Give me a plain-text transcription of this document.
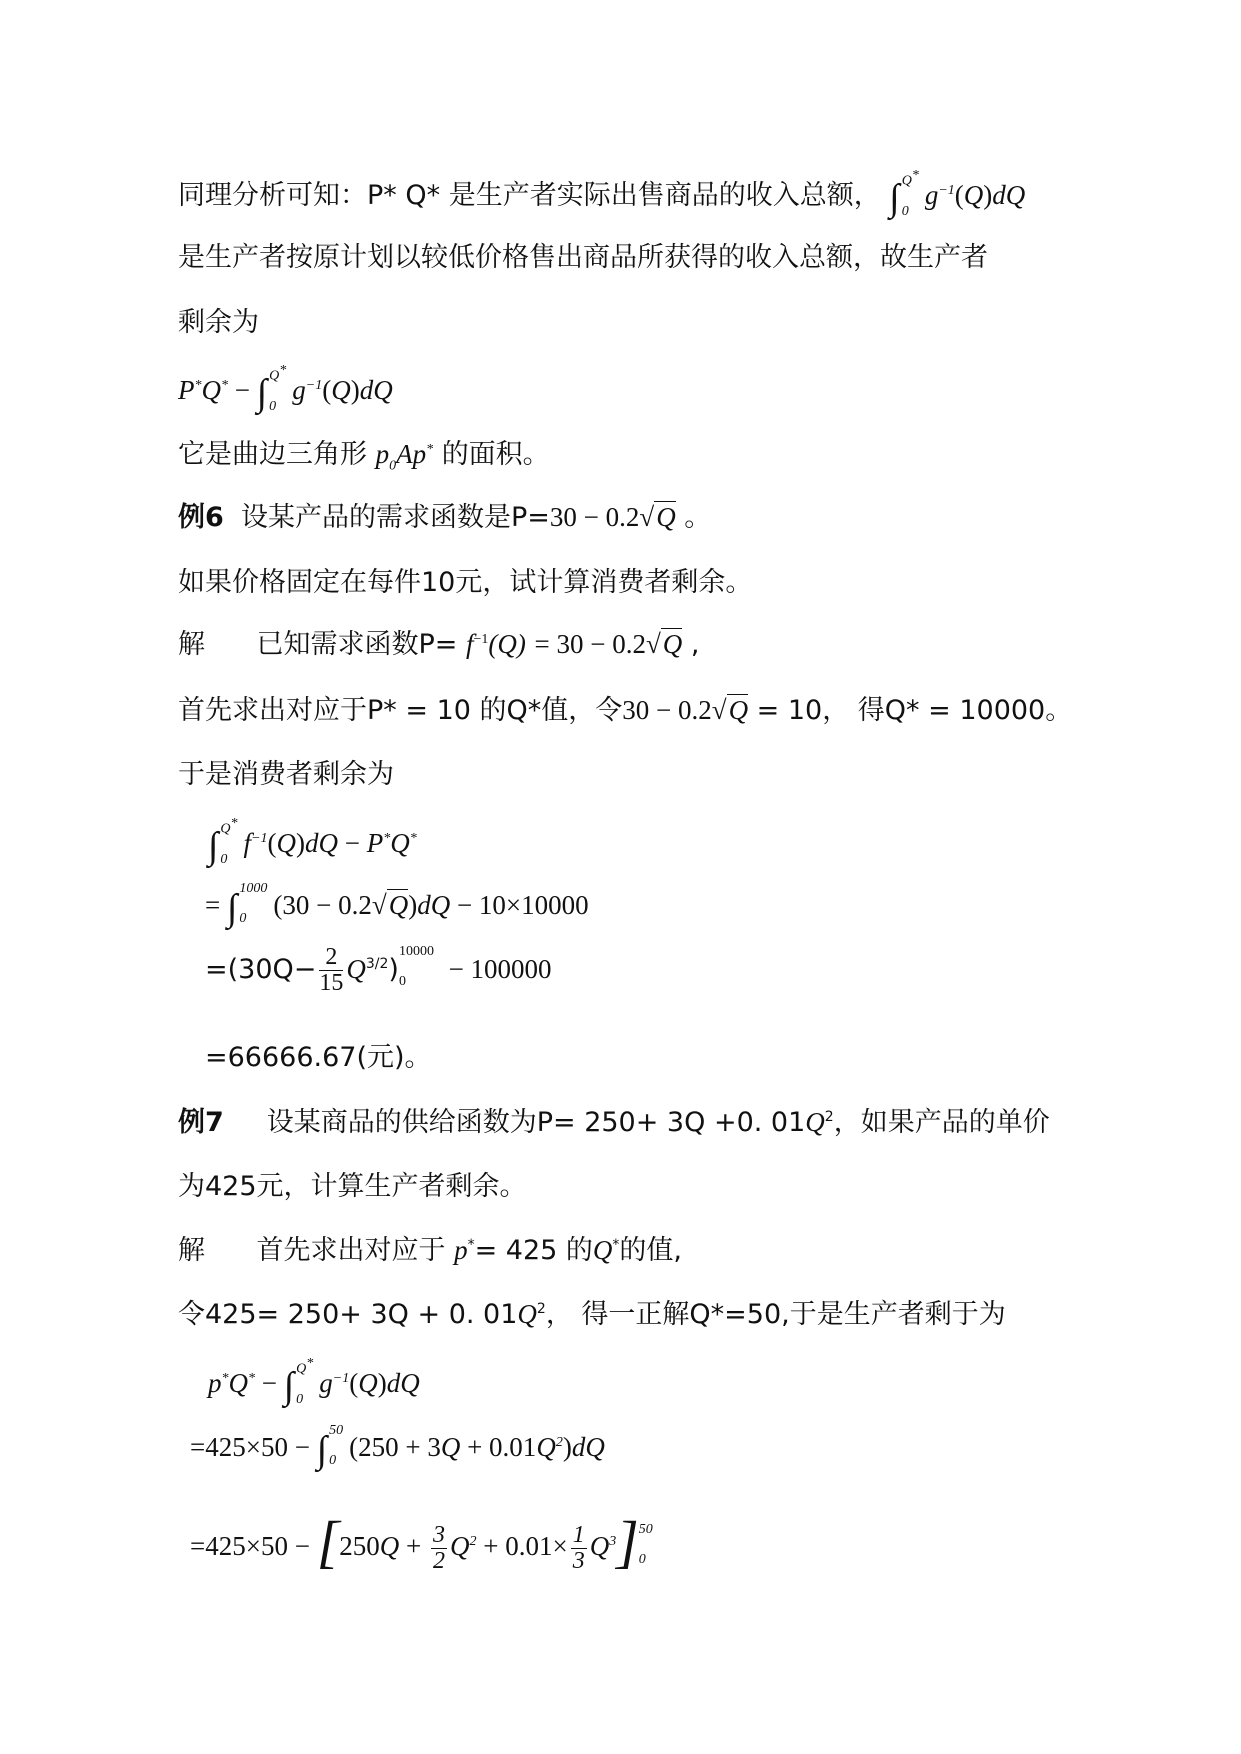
同理分析可知：P* Q* 是生产者实际出售商品的收入总额， ∫ Q*
0
$g^{-1}(Q)dQ$
是生产者按原计划以较低价格售出商品所获得的收入总额，故生产者
剩余为
P*Q* − ∫ Q*
0
$g^{-1}(Q)dQ$
它是曲边三角形 $p_0Ap^*$ 的面积。
例6 设某产品的需求函数是P=30 − 0.2√Q 。
如果价格固定在每件10元，试计算消费者剩余。
解      已知需求函数$P= f^{-1}(Q) = 30 - 0.2√Q$ ,
首先求出对应于P* = 10 的Q*值，令30 − 0.2√Q = 10， 得Q* = 10000。
于是消费者剩余为
∫ Q*
0
$f^{-1}(Q)dQ - P^*Q^*$
= ∫ 1000
0	(30 − 0.2√Q)dQ − 10×10000
$=(30Q- \frac{2}{15} Q^{3/2})$
10000
0	− 100000
=66666.67(元)。
例7     设某商品的供给函数为P= 250+ 3Q +0. $01Q^2$，如果产品的单价
为425元，计算生产者剩余。
解      首先求出对应于 p*= 425 的Q*的值,
令425= 250+ 3Q + 0. $01Q^2$， 得一正解Q*=50,于是生产者剩于为
p*Q* − ∫ Q*
0
$g^{-1}(Q)dQ$
=425×50 − ∫ 50
0 $(250 + 3Q + 0.01Q^2)dQ$
$=425\times 50 - [250Q + \frac{3}{2} Q^2 + 0.01\times \frac{1}{3} Q^3]$ 50
0
